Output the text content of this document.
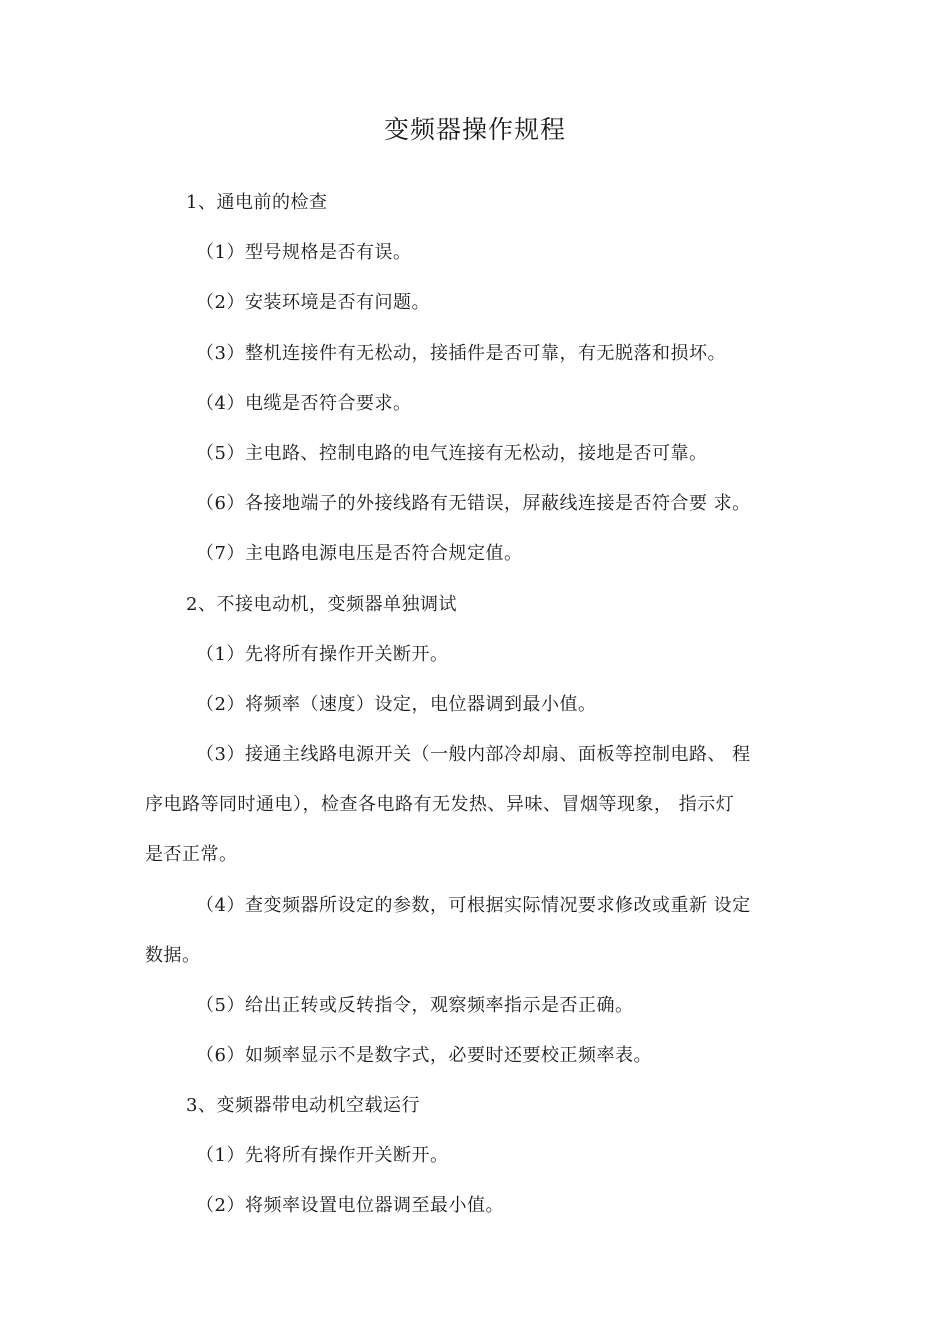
变频器操作规程

1、通电前的检查

（1）型号规格是否有误。

（2）安装环境是否有问题。

（3）整机连接件有无松动，接插件是否可靠，有无脱落和损坏。

（4）电缆是否符合要求。

（5）主电路、控制电路的电气连接有无松动，接地是否可靠。

（6）各接地端子的外接线路有无错误，屏蔽线连接是否符合要 求。

（7）主电路电源电压是否符合规定值。

2、不接电动机，变频器单独调试

（1）先将所有操作开关断开。

（2）将频率（速度）设定，电位器调到最小值。

（3）接通主线路电源开关（一般内部冷却扇、面板等控制电路、 程

序电路等同时通电），检查各电路有无发热、异味、冒烟等现象， 指示灯

是否正常。

（4）查变频器所设定的参数，可根据实际情况要求修改或重新 设定

数据。

（5）给出正转或反转指令，观察频率指示是否正确。

（6）如频率显示不是数字式，必要时还要校正频率表。

3、变频器带电动机空载运行

（1）先将所有操作开关断开。

（2）将频率设置电位器调至最小值。
